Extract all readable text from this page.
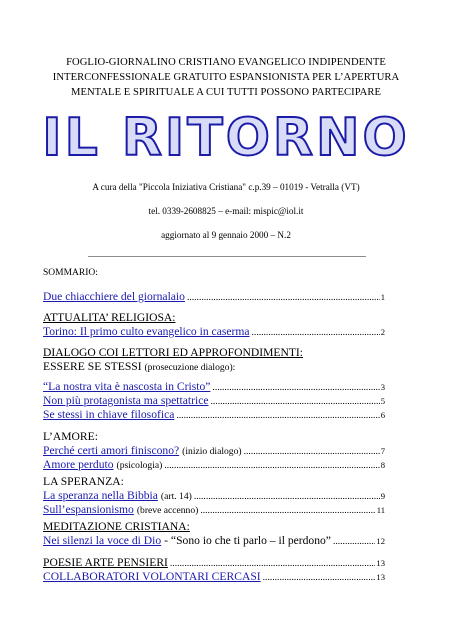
FOGLIO-GIORNALINO CRISTIANO EVANGELICO INDIPENDENTE
INTERCONFESSIONALE GRATUITO ESPANSIONISTA PER L’APERTURA
MENTALE E SPIRITUALE A CUI TUTTI POSSONO PARTECIPARE
IL RITORNO
A cura della "Piccola Iniziativa Cristiana" c.p.39 – 01019 - Vetralla (VT)
tel. 0339-2608825 – e-mail: mispic@iol.it
aggiornato al 9 gennaio 2000 – N.2
SOMMARIO:
Due chiacchiere del giornalaio .....	1
ATTUALITA’ RELIGIOSA:
Torino: Il primo culto evangelico in caserma .....	2
DIALOGO COI LETTORI ED APPROFONDIMENTI:
ESSERE SE STESSI (prosecuzione dialogo):
“La nostra vita è nascosta in Cristo” .....	3
Non più protagonista ma spettatrice .....	5
Se stessi in chiave filosofica .....	6
L’AMORE:
Perché certi amori finiscono? (inizio dialogo) .....	7
Amore perduto (psicologia) .....	8
LA SPERANZA:
La speranza nella Bibbia (art. 14) .....	9
Sull’espansionismo (breve accenno) .....	11
MEDITAZIONE CRISTIANA:
Nei silenzi la voce di Dio - “Sono io che ti parlo – il perdono” .....	12
POESIE ARTE PENSIERI .....	13
COLLABORATORI VOLONTARI CERCASI .....	13
